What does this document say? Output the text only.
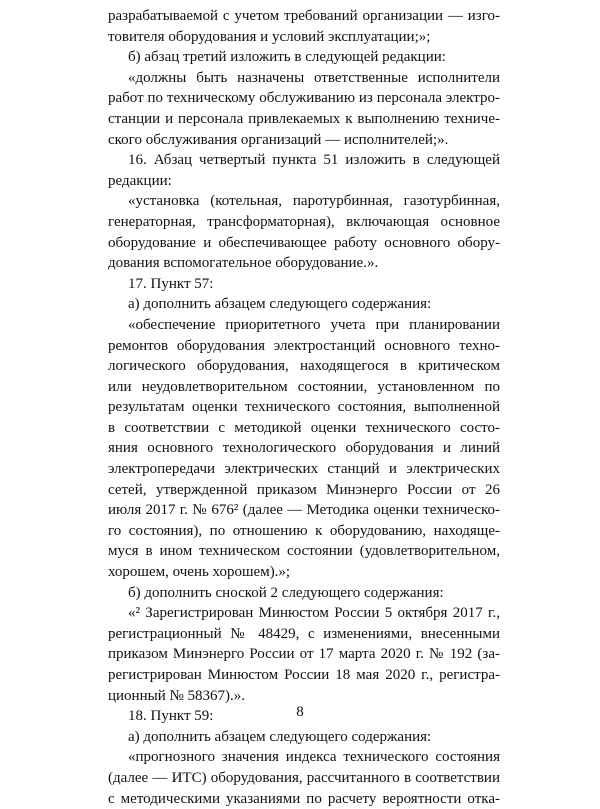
разрабатываемой с учетом требований организации — изго-
товителя оборудования и условий эксплуатации;»;
б) абзац третий изложить в следующей редакции:
«должны быть назначены ответственные исполнители
работ по техническому обслуживанию из персонала электро-
станции и персонала привлекаемых к выполнению техниче-
ского обслуживания организаций — исполнителей;».
16. Абзац четвертый пункта 51 изложить в следующей
редакции:
«установка (котельная, паротурбинная, газотурбинная,
генераторная, трансформаторная), включающая основное
оборудование и обеспечивающее работу основного обору-
дования вспомогательное оборудование.».
17. Пункт 57:
а) дополнить абзацем следующего содержания:
«обеспечение приоритетного учета при планировании
ремонтов оборудования электростанций основного техно-
логического оборудования, находящегося в критическом
или неудовлетворительном состоянии, установленном по
результатам оценки технического состояния, выполненной
в соответствии с методикой оценки технического состо-
яния основного технологического оборудования и линий
электропередачи электрических станций и электрических
сетей, утвержденной приказом Минэнерго России от 26
июля 2017 г. № 676² (далее — Методика оценки техническо-
го состояния), по отношению к оборудованию, находяще-
муся в ином техническом состоянии (удовлетворительном,
хорошем, очень хорошем).»;
б) дополнить сноской 2 следующего содержания:
«² Зарегистрирован Минюстом России 5 октября 2017 г.,
регистрационный № 48429, с изменениями, внесенными
приказом Минэнерго России от 17 марта 2020 г. № 192 (за-
регистрирован Минюстом России 18 мая 2020 г., регистра-
ционный № 58367).».
18. Пункт 59:
а) дополнить абзацем следующего содержания:
«прогнозного значения индекса технического состояния
(далее — ИТС) оборудования, рассчитанного в соответствии
с методическими указаниями по расчету вероятности отка-
8
